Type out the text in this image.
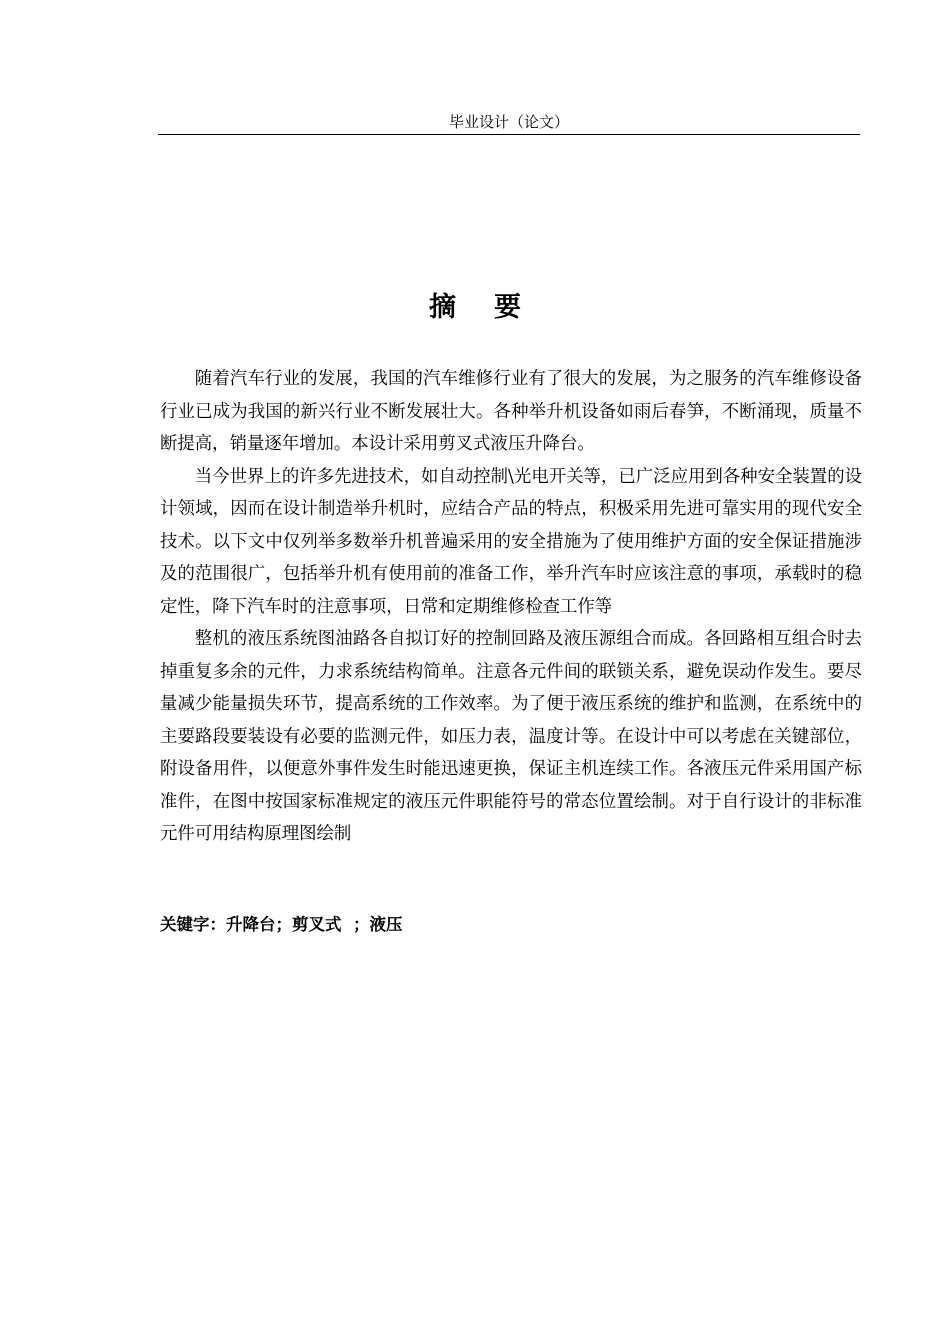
毕业设计（论文）
摘要

随着汽车行业的发展，我国的汽车维修行业有了很大的发展，为之服务的汽车维修设备行业已成为我国的新兴行业不断发展壮大。各种举升机设备如雨后春笋，不断涌现，质量不断提高，销量逐年增加。本设计采用剪叉式液压升降台。

当今世界上的许多先进技术，如自动控制\光电开关等，已广泛应用到各种安全装置的设计领域，因而在设计制造举升机时，应结合产品的特点，积极采用先进可靠实用的现代安全技术。以下文中仅列举多数举升机普遍采用的安全措施为了使用维护方面的安全保证措施涉及的范围很广，包括举升机有使用前的准备工作，举升汽车时应该注意的事项，承载时的稳定性，降下汽车时的注意事项，日常和定期维修检查工作等

整机的液压系统图油路各自拟订好的控制回路及液压源组合而成。各回路相互组合时去掉重复多余的元件，力求系统结构简单。注意各元件间的联锁关系，避免误动作发生。要尽量减少能量损失环节，提高系统的工作效率。为了便于液压系统的维护和监测，在系统中的主要路段要装设有必要的监测元件，如压力表，温度计等。在设计中可以考虑在关键部位，附设备用件，以便意外事件发生时能迅速更换，保证主机连续工作。各液压元件采用国产标准件，在图中按国家标准规定的液压元件职能符号的常态位置绘制。对于自行设计的非标准元件可用结构原理图绘制

关键字：升降台；剪叉式  ；液压
